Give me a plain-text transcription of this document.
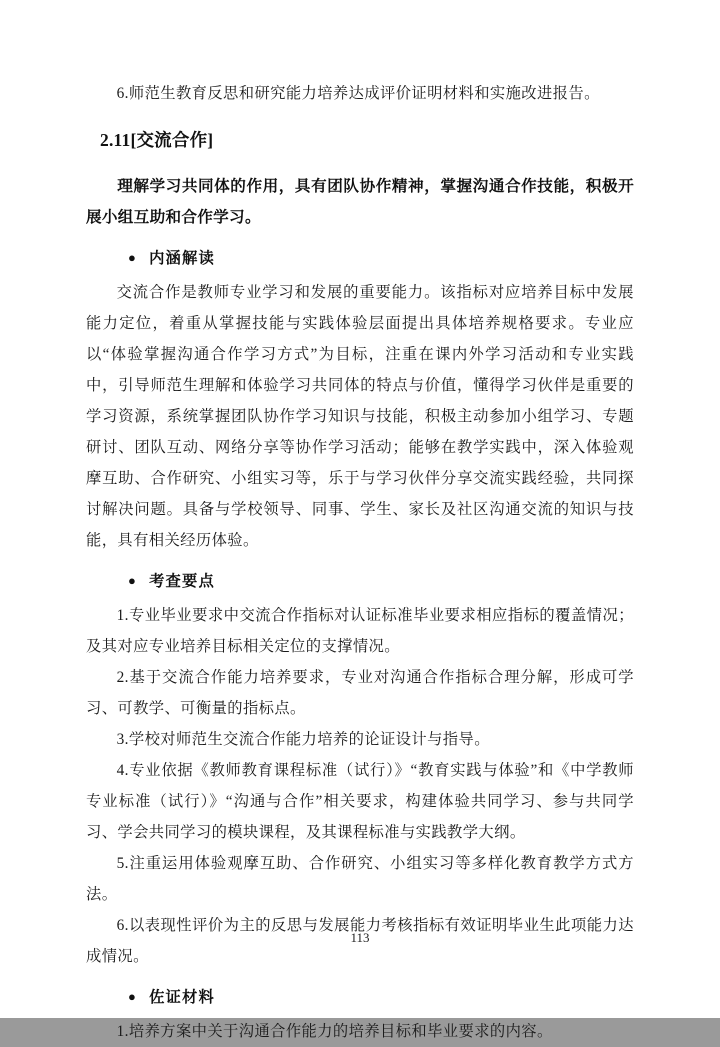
6.师范生教育反思和研究能力培养达成评价证明材料和实施改进报告。

2.11[交流合作]

理解学习共同体的作用，具有团队协作精神，掌握沟通合作技能，积极开展小组互助和合作学习。

● 内涵解读

交流合作是教师专业学习和发展的重要能力。该指标对应培养目标中发展能力定位，着重从掌握技能与实践体验层面提出具体培养规格要求。专业应以“体验掌握沟通合作学习方式”为目标，注重在课内外学习活动和专业实践中，引导师范生理解和体验学习共同体的特点与价值，懂得学习伙伴是重要的学习资源，系统掌握团队协作学习知识与技能，积极主动参加小组学习、专题研讨、团队互动、网络分享等协作学习活动；能够在教学实践中，深入体验观摩互助、合作研究、小组实习等，乐于与学习伙伴分享交流实践经验，共同探讨解决问题。具备与学校领导、同事、学生、家长及社区沟通交流的知识与技能，具有相关经历体验。

● 考查要点

1.专业毕业要求中交流合作指标对认证标准毕业要求相应指标的覆盖情况；及其对应专业培养目标相关定位的支撑情况。

2.基于交流合作能力培养要求，专业对沟通合作指标合理分解，形成可学习、可教学、可衡量的指标点。

3.学校对师范生交流合作能力培养的论证设计与指导。

4.专业依据《教师教育课程标准（试行）》“教育实践与体验”和《中学教师专业标准（试行）》“沟通与合作”相关要求，构建体验共同学习、参与共同学习、学会共同学习的模块课程，及其课程标准与实践教学大纲。

5.注重运用体验观摩互助、合作研究、小组实习等多样化教育教学方式方法。

6.以表现性评价为主的反思与发展能力考核指标有效证明毕业生此项能力达成情况。

● 佐证材料

1.培养方案中关于沟通合作能力的培养目标和毕业要求的内容。

113
